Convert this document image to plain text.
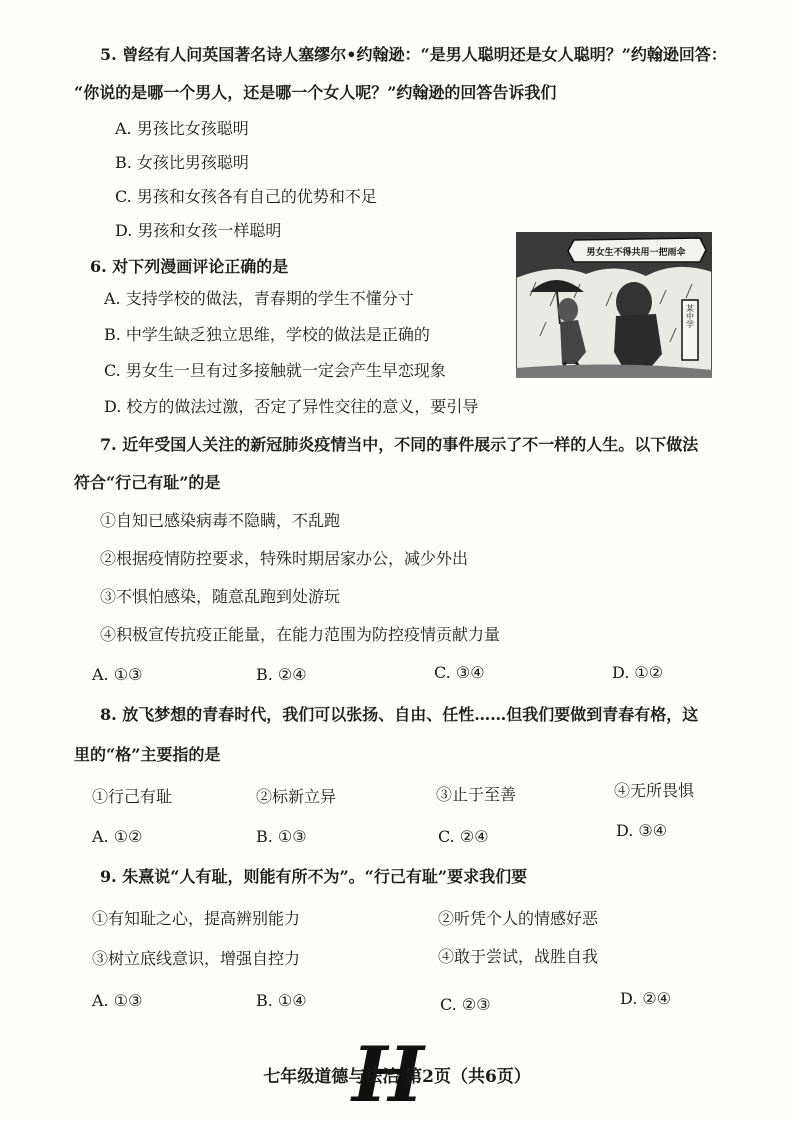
5. 曾经有人问英国著名诗人塞缪尔•约翰逊：“是男人聪明还是女人聪明？”约翰逊回答：
“你说的是哪一个男人，还是哪一个女人呢？”约翰逊的回答告诉我们
A. 男孩比女孩聪明
B. 女孩比男孩聪明
C. 男孩和女孩各有自己的优势和不足
D. 男孩和女孩一样聪明
6. 对下列漫画评论正确的是
A. 支持学校的做法，青春期的学生不懂分寸
B. 中学生缺乏独立思维，学校的做法是正确的
C. 男女生一旦有过多接触就一定会产生早恋现象
D. 校方的做法过激，否定了异性交往的意义，要引导
男女生不得共用一把雨伞
某中学
7. 近年受国人关注的新冠肺炎疫情当中，不同的事件展示了不一样的人生。以下做法
符合“行己有耻”的是
①自知已感染病毒不隐瞒，不乱跑
②根据疫情防控要求，特殊时期居家办公，减少外出
③不惧怕感染，随意乱跑到处游玩
④积极宣传抗疫正能量，在能力范围为防控疫情贡献力量
A. ①③	B. ②④	C. ③④	D. ①②
8. 放飞梦想的青春时代，我们可以张扬、自由、任性……但我们要做到青春有格，这
里的“格”主要指的是
①行己有耻	②标新立异	③止于至善	④无所畏惧
A. ①②	B. ①③	C. ②④	D. ③④
9. 朱熹说“人有耻，则能有所不为”。“行己有耻”要求我们要
①有知耻之心，提高辨别能力	②听凭个人的情感好恶
③树立底线意识，增强自控力	④敢于尝试，战胜自我
A. ①③	B. ①④	C. ②③	D. ②④
H
七年级道德与法治 第2页（共6页）
